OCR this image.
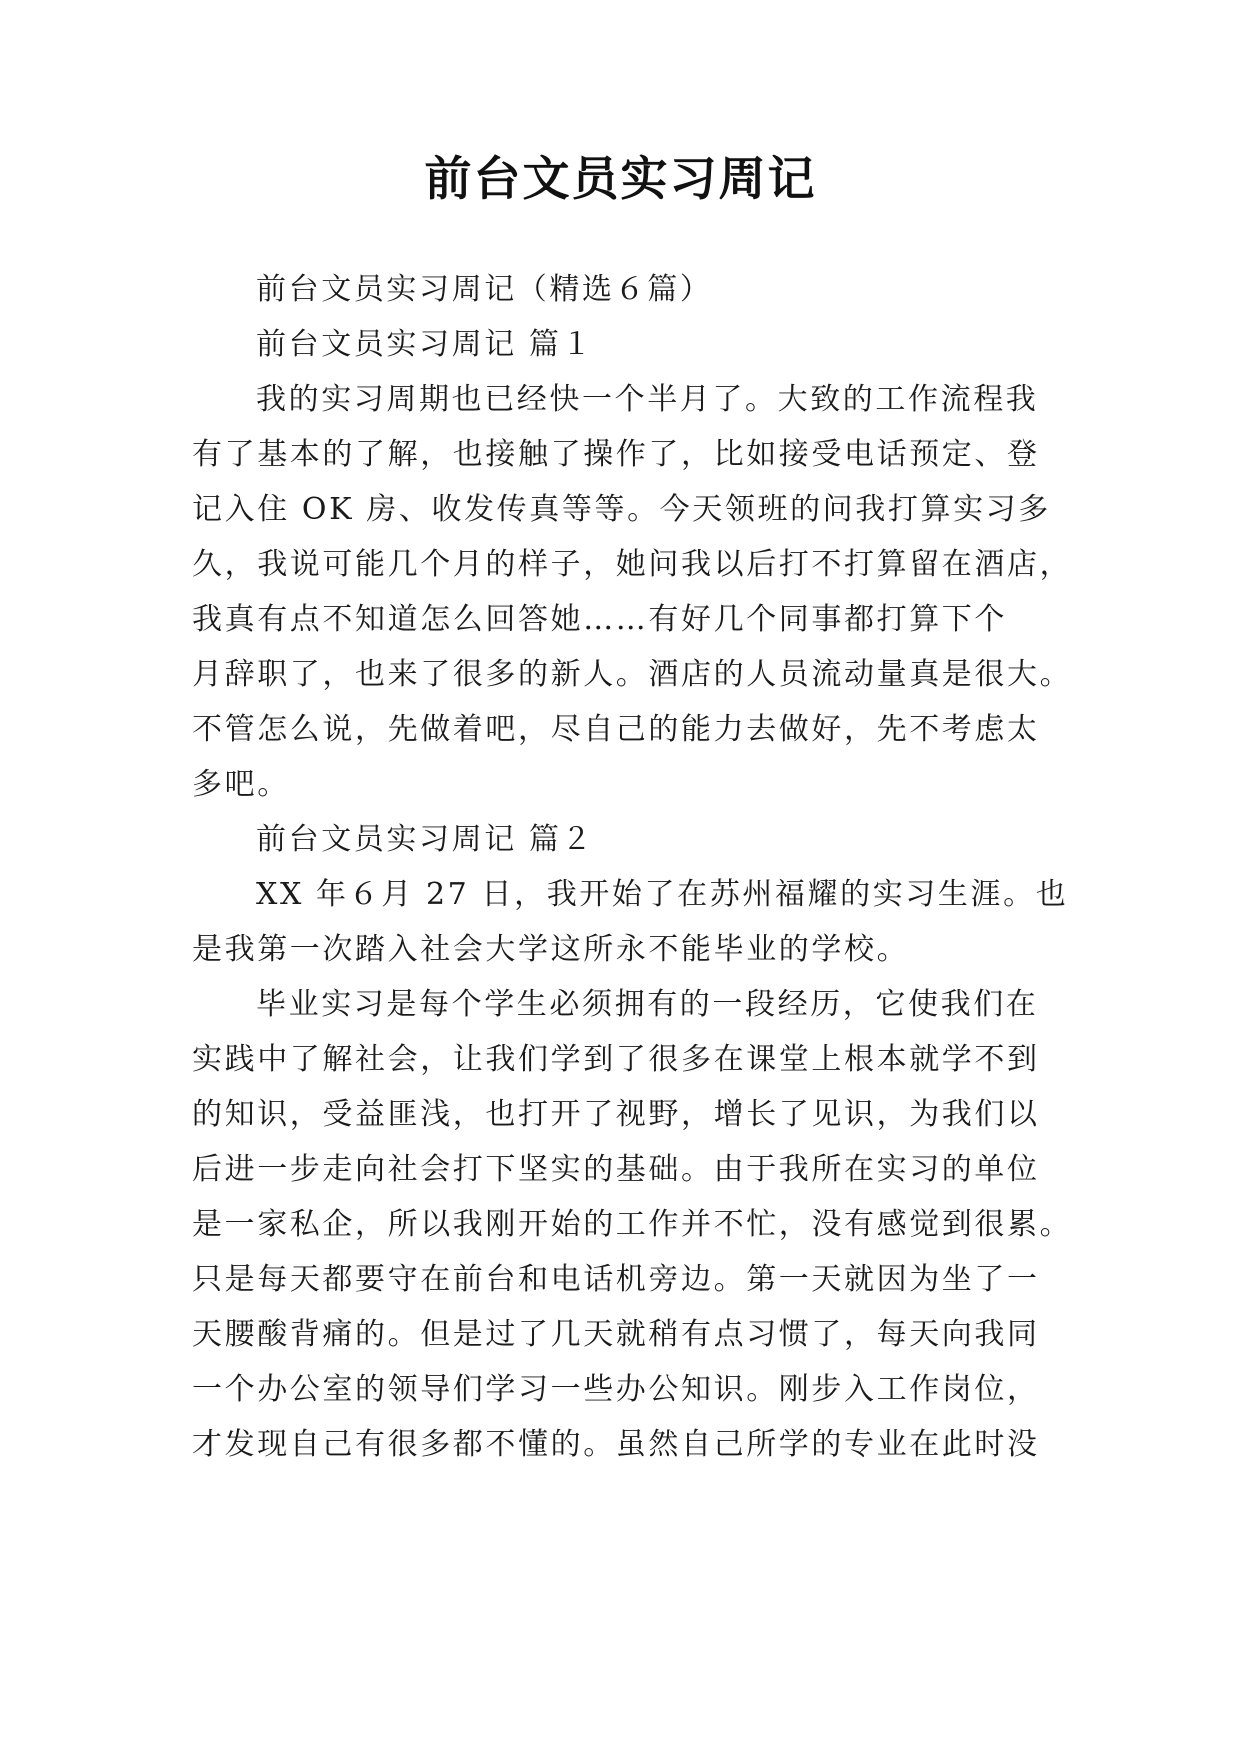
前台文员实习周记
前台文员实习周记（精选６篇）
前台文员实习周记 篇１
我的实习周期也已经快一个半月了。大致的工作流程我
有了基本的了解，也接触了操作了，比如接受电话预定、登
记入住 OK 房、收发传真等等。今天领班的问我打算实习多
久，我说可能几个月的样子，她问我以后打不打算留在酒店，
我真有点不知道怎么回答她……有好几个同事都打算下个
月辞职了，也来了很多的新人。酒店的人员流动量真是很大。
不管怎么说，先做着吧，尽自己的能力去做好，先不考虑太
多吧。
前台文员实习周记 篇２
XX 年６月 27 日，我开始了在苏州福耀的实习生涯。也
是我第一次踏入社会大学这所永不能毕业的学校。
毕业实习是每个学生必须拥有的一段经历，它使我们在
实践中了解社会，让我们学到了很多在课堂上根本就学不到
的知识，受益匪浅，也打开了视野，增长了见识，为我们以
后进一步走向社会打下坚实的基础。由于我所在实习的单位
是一家私企，所以我刚开始的工作并不忙，没有感觉到很累。
只是每天都要守在前台和电话机旁边。第一天就因为坐了一
天腰酸背痛的。但是过了几天就稍有点习惯了，每天向我同
一个办公室的领导们学习一些办公知识。刚步入工作岗位，
才发现自己有很多都不懂的。虽然自己所学的专业在此时没
